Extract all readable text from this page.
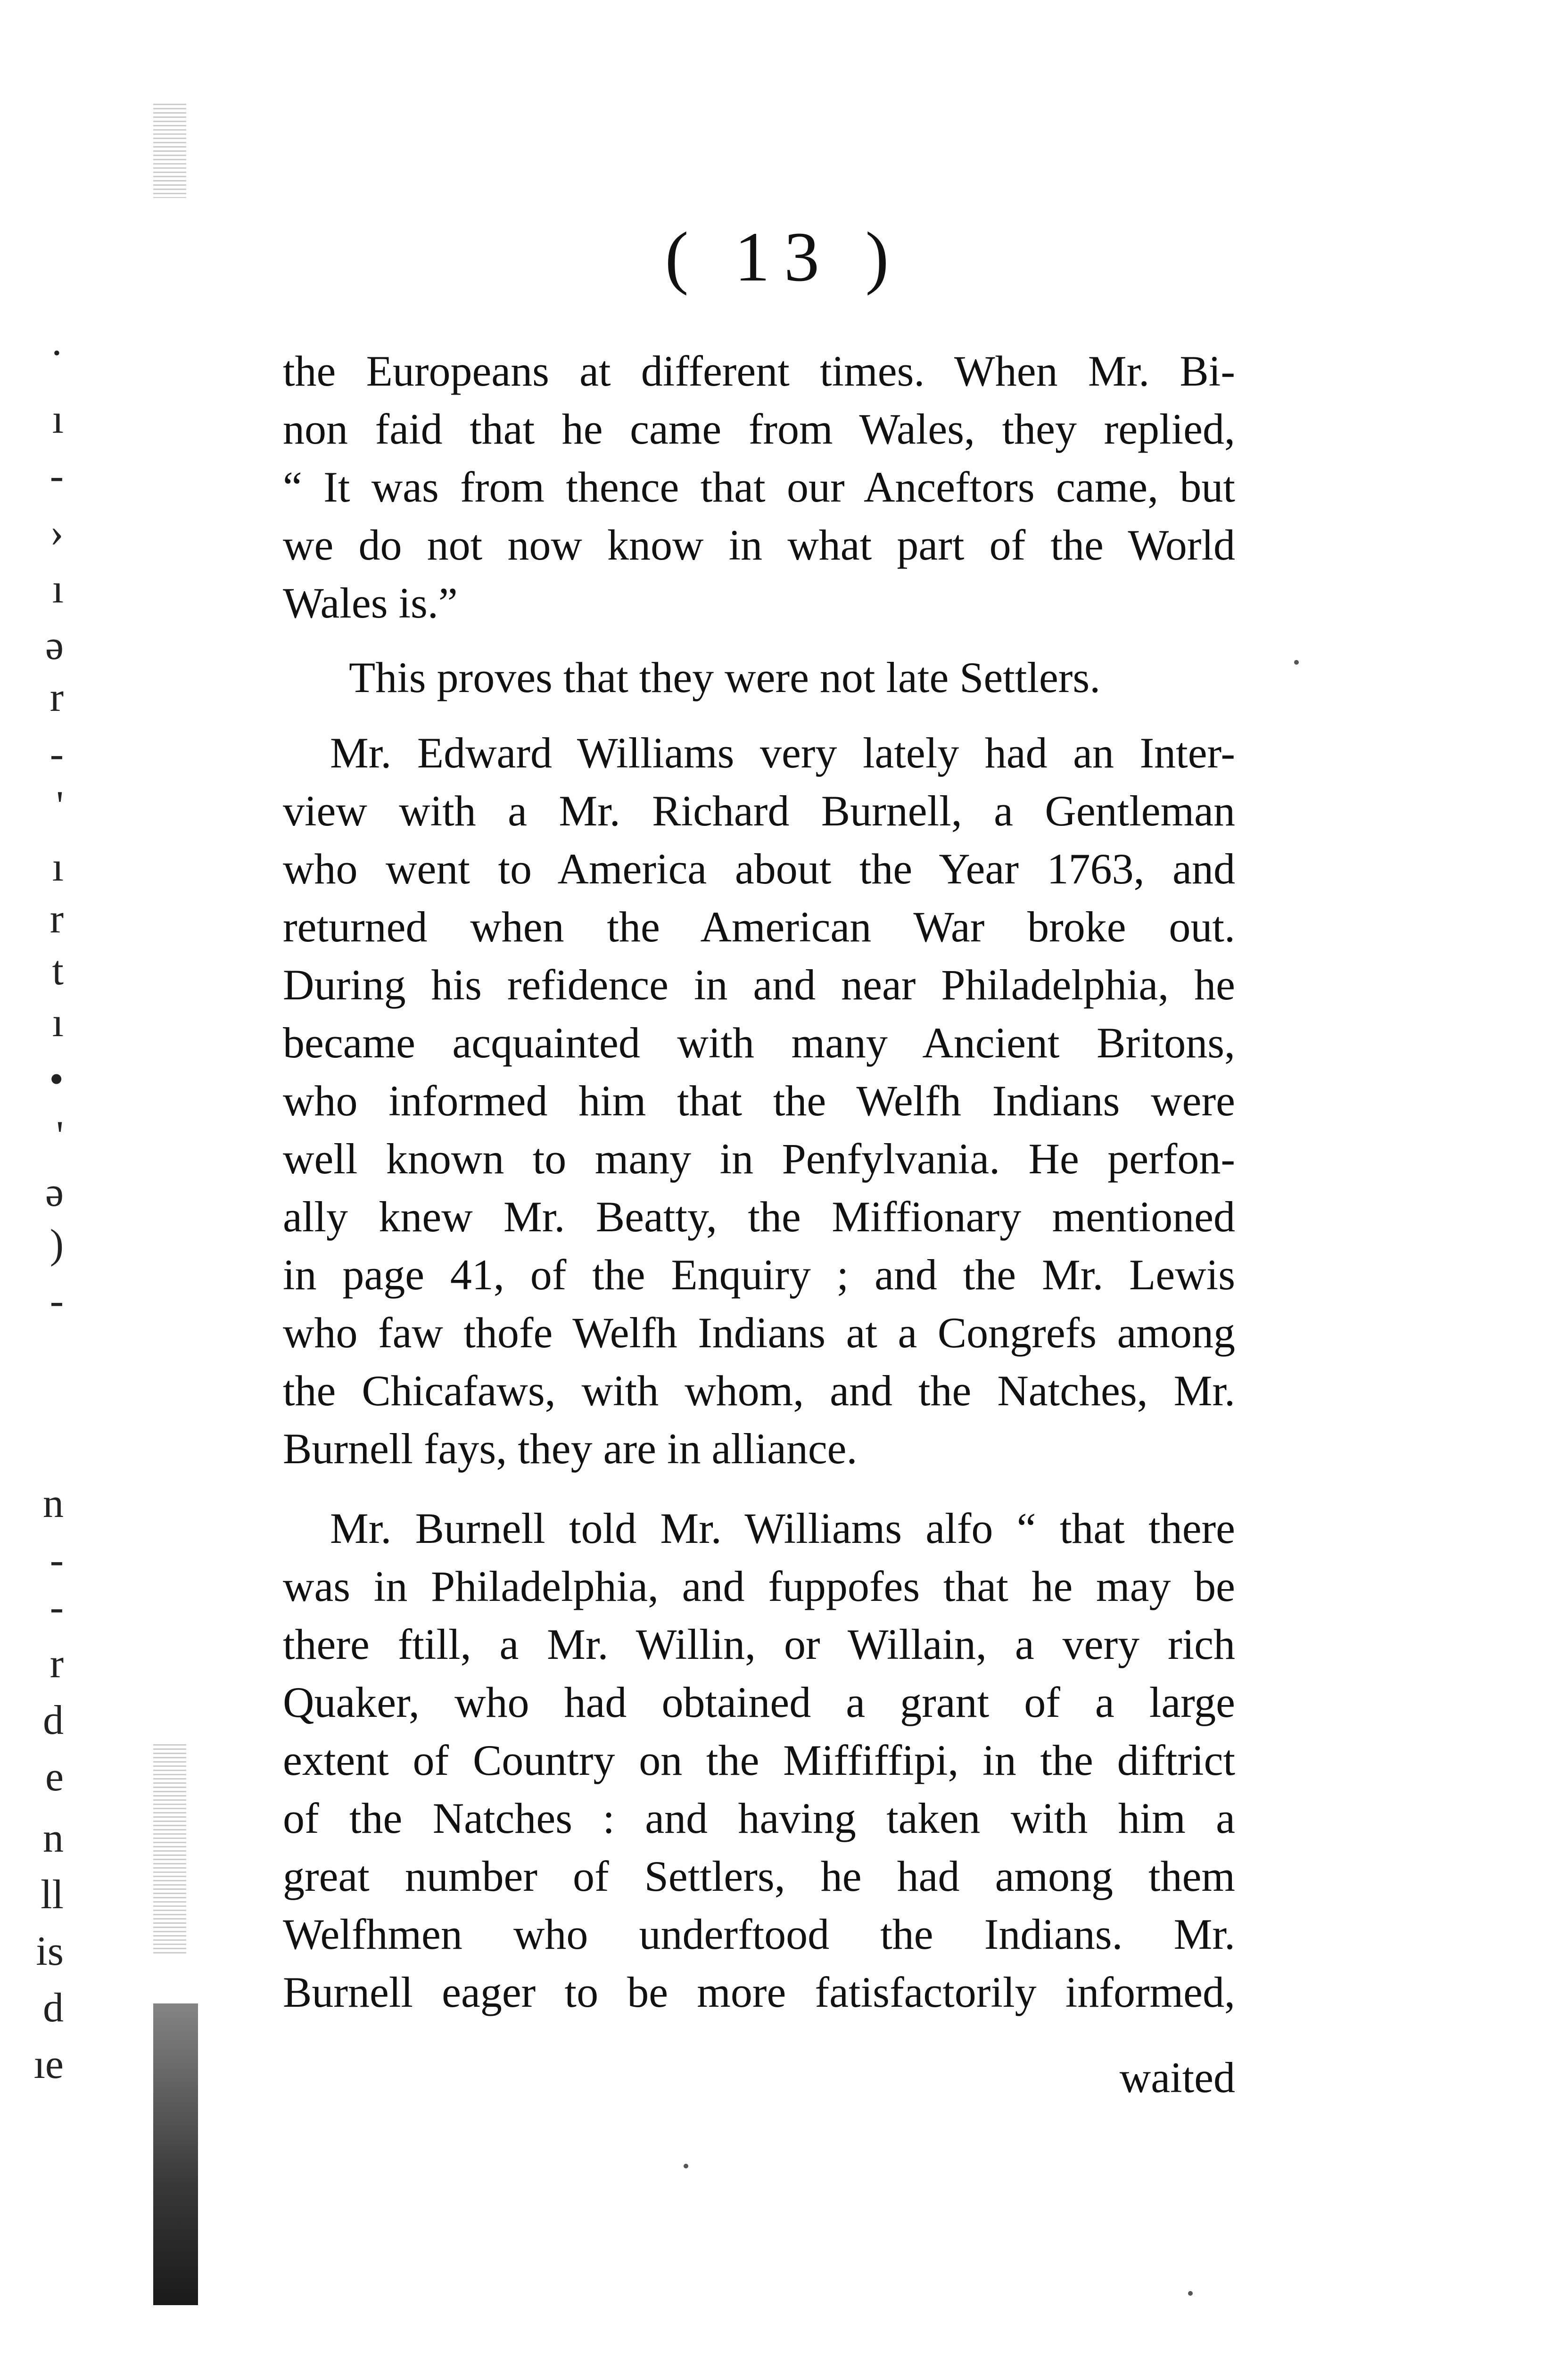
( 13 )

the Europeans at different times. When Mr. Bi-

non faid that he came from Wales, they replied,

“ It was from thence that our Anceftors came, but

we do not now know in what part of the World

Wales is.”

This proves that they were not late Settlers.

Mr. Edward Williams very lately had an Inter-

view with a Mr. Richard Burnell, a Gentleman

who went to America about the Year 1763, and

returned when the American War broke out.

During his refidence in and near Philadelphia, he

became acquainted with many Ancient Britons,

who informed him that the Welfh Indians were

well known to many in Penfylvania. He perfon-

ally knew Mr. Beatty, the Miffionary mentioned

in page 41, of the Enquiry ; and the Mr. Lewis

who faw thofe Welfh Indians at a Congrefs among

the Chicafaws, with whom, and the Natches, Mr.

Burnell fays, they are in alliance.

Mr. Burnell told Mr. Williams alfo “ that there

was in Philadelphia, and fuppofes that he may be

there ftill, a Mr. Willin, or Willain, a very rich

Quaker, who had obtained a grant of a large

extent of Country on the Miffiffipi, in the diftrict

of the Natches : and having taken with him a

great number of Settlers, he had among them

Welfhmen who underftood the Indians. Mr.

Burnell eager to be more fatisfactorily informed,

waited
·
ı
-
›
ı
ə
r
-
'
ı
r
t
ı
•
'
ə
)
-
n
-
-
r
d
e
n
ll
is
d
ıe
